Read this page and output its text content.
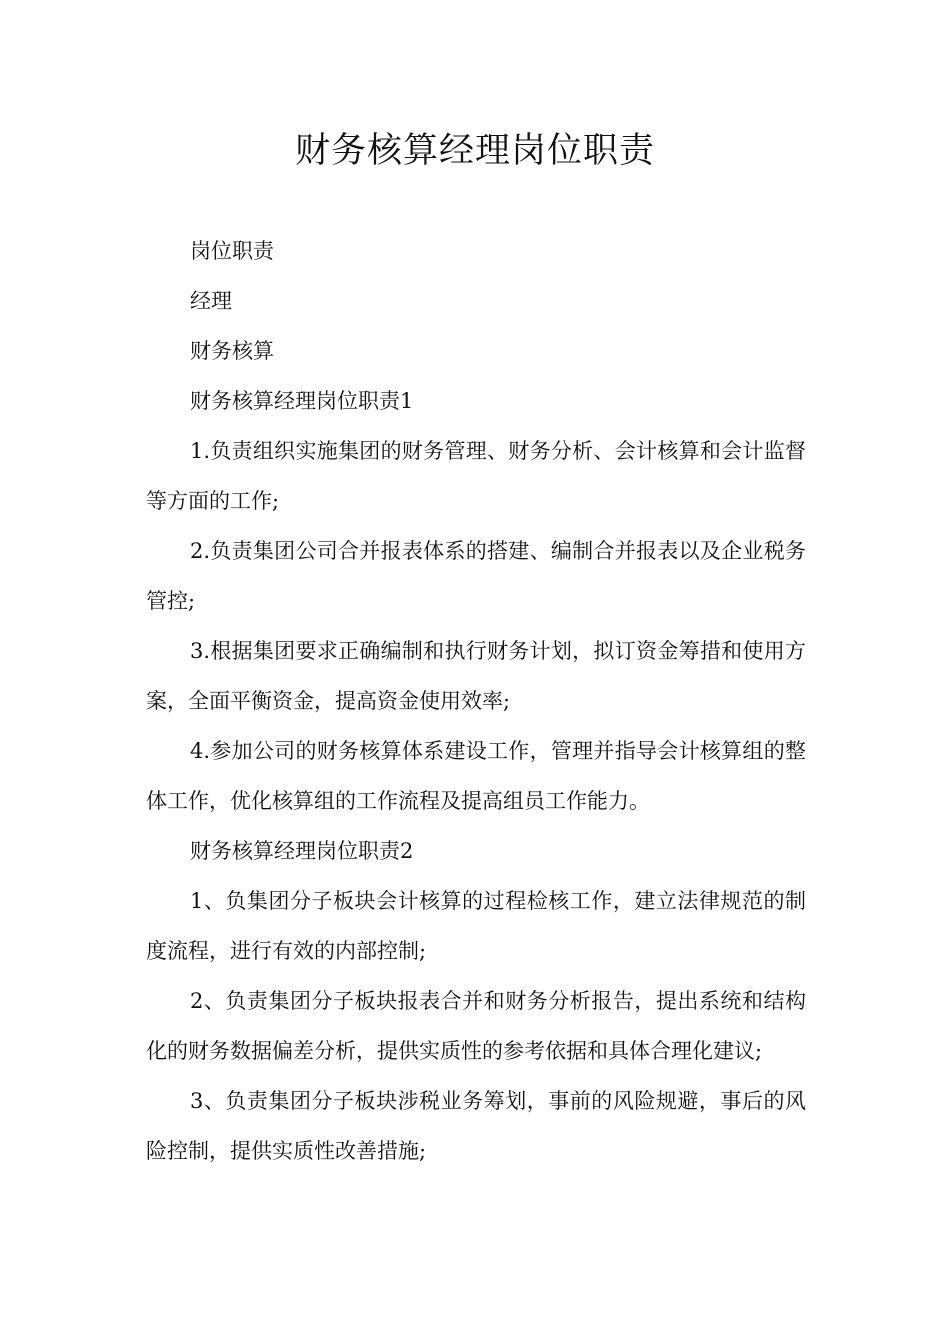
财务核算经理岗位职责

岗位职责

经理

财务核算

财务核算经理岗位职责1

1.负责组织实施集团的财务管理、财务分析、会计核算和会计监督等方面的工作;

2.负责集团公司合并报表体系的搭建、编制合并报表以及企业税务管控;

3.根据集团要求正确编制和执行财务计划，拟订资金筹措和使用方案，全面平衡资金，提高资金使用效率;

4.参加公司的财务核算体系建设工作，管理并指导会计核算组的整体工作，优化核算组的工作流程及提高组员工作能力。

财务核算经理岗位职责2

1、负集团分子板块会计核算的过程检核工作，建立法律规范的制度流程，进行有效的内部控制;

2、负责集团分子板块报表合并和财务分析报告，提出系统和结构化的财务数据偏差分析，提供实质性的参考依据和具体合理化建议;

3、负责集团分子板块涉税业务筹划，事前的风险规避，事后的风险控制，提供实质性改善措施;
